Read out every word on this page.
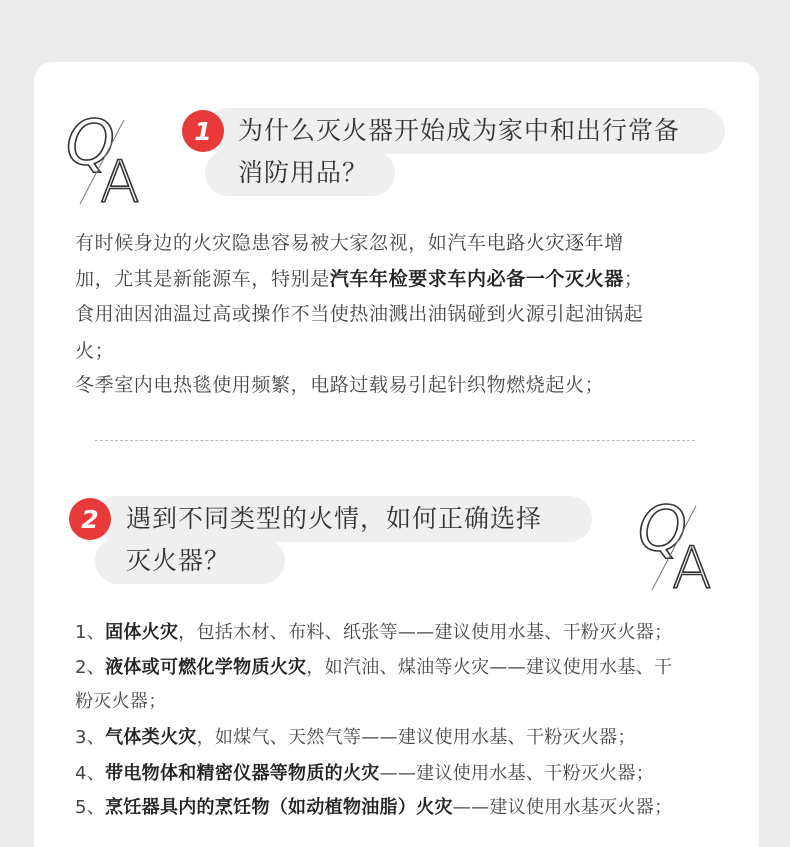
Q
A
1	为什么灭火器开始成为家中和出行常备
消防用品？

有时候身边的火灾隐患容易被大家忽视，如汽车电路火灾逐年增

加，尤其是新能源车，特别是汽车年检要求车内必备一个灭火器；

食用油因油温过高或操作不当使热油溅出油锅碰到火源引起油锅起

火；

冬季室内电热毯使用频繁，电路过载易引起针织物燃烧起火；

2	遇到不同类型的火情，如何正确选择
灭火器？	Q
A

1、固体火灾，包括木材、布料、纸张等——建议使用水基、干粉灭火器；

2、液体或可燃化学物质火灾，如汽油、煤油等火灾——建议使用水基、干

粉灭火器；

3、气体类火灾，如煤气、天然气等——建议使用水基、干粉灭火器；

4、带电物体和精密仪器等物质的火灾——建议使用水基、干粉灭火器；

5、烹饪器具内的烹饪物（如动植物油脂）火灾——建议使用水基灭火器；
